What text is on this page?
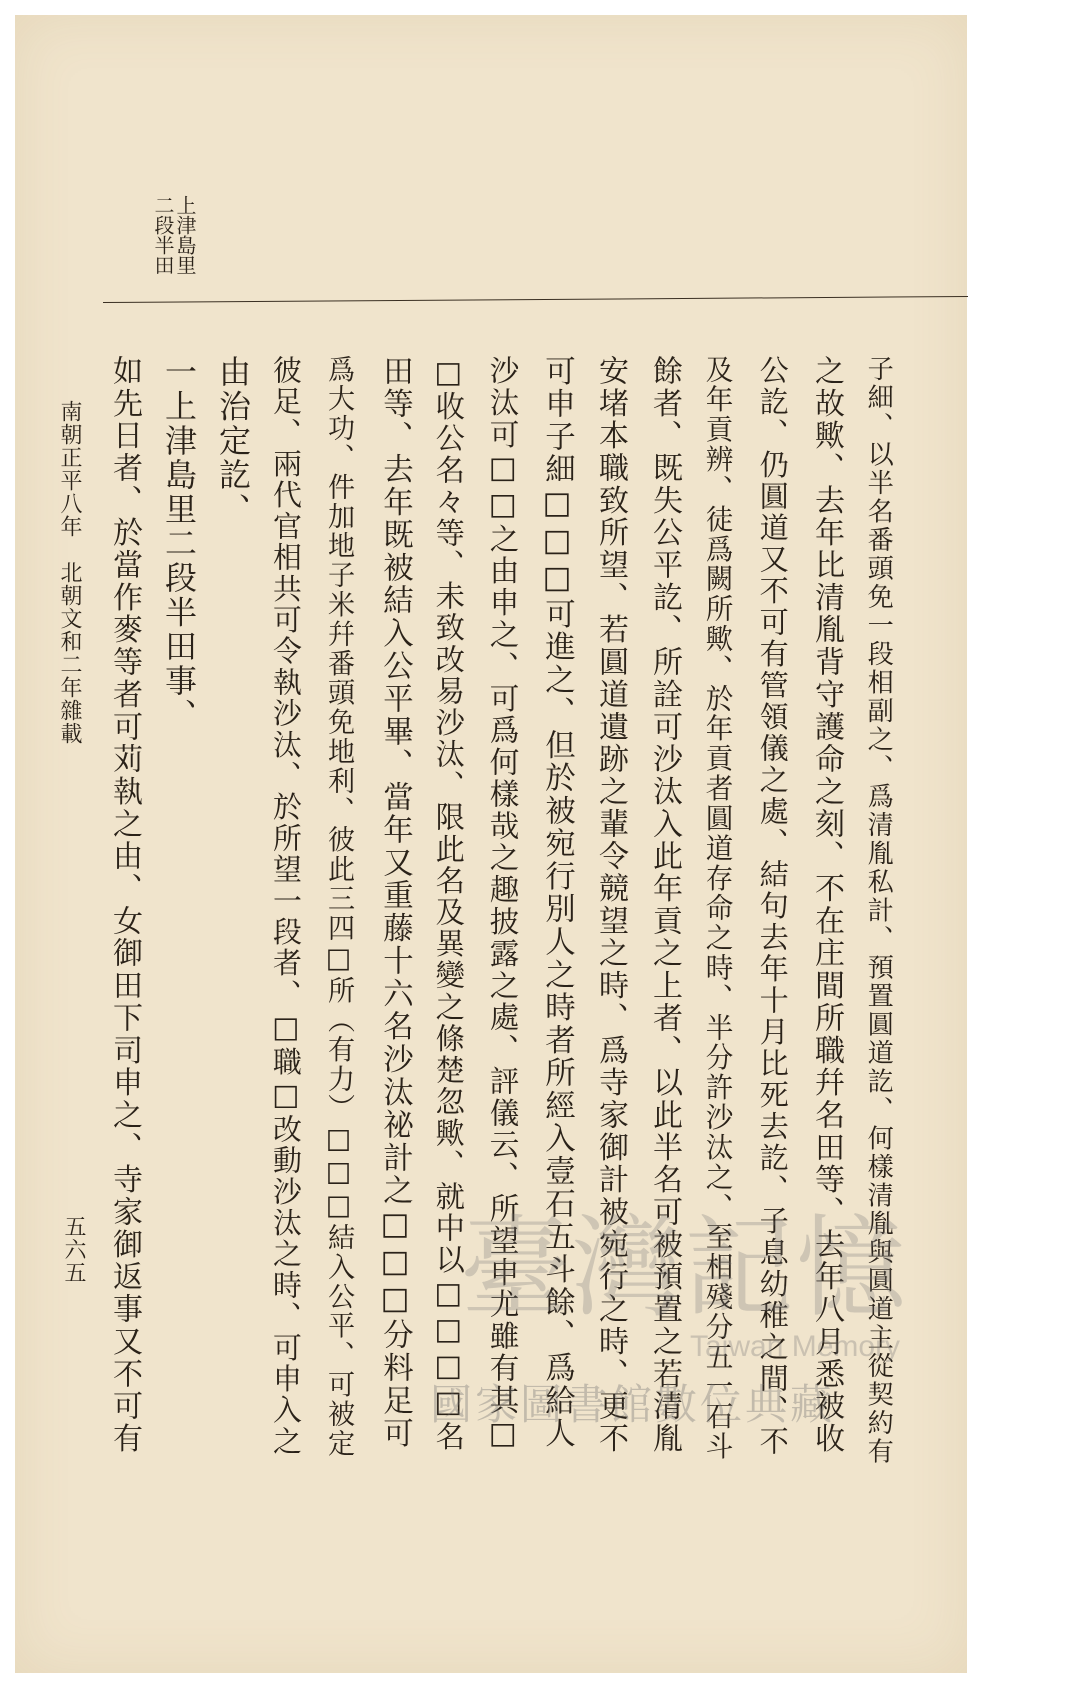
上津島里
二段半田
子細、以半名番頭免一段相副之、爲清胤私計、預置圓道訖、何樣清胤與圓道主從契約有
之故歟、去年比清胤背守護命之刻、不在庄間所職幷名田等、去年八月悉被收
公訖、仍圓道又不可有管領儀之處、結句去年十月比死去訖、子息幼稚之間、不
及年貢辨、徒爲闕所歟、於年貢者圓道存命之時、半分許沙汰之、至相殘分五一石斗
餘者、既失公平訖、所詮可沙汰入此年貢之上者、以此半名可被預置之若清胤
安堵本職致所望、若圓道遺跡之輩令競望之時、爲寺家御計被宛行之時、更不
可申子細□□□可進之、但於被宛行別人之時者所經入壹石五斗餘、爲給人
沙汰可□□之由申之、可爲何樣哉之趣披露之處、評儀云、所望申尤雖有其□
□收公名々等、未致改易沙汰、限此名及異變之條楚忽歟、就中以□□□□名
田等、去年既被結入公平畢、當年又重藤十六名沙汰祕計之□□□分料足可
爲大功、件加地子米幷番頭免地利、彼此三四□所（有力）□□□結入公平、可被定
彼足、兩代官相共可令執沙汰、於所望一段者、□職□改動沙汰之時、可申入之
由治定訖、
一上津島里二段半田事、
如先日者、於當作麥等者可苅執之由、女御田下司申之、寺家御返事又不可有
南朝正平八年　北朝文和二年雜載
五六五	臺灣記憶
Taiwan Memory
國家圖書館數位典藏
